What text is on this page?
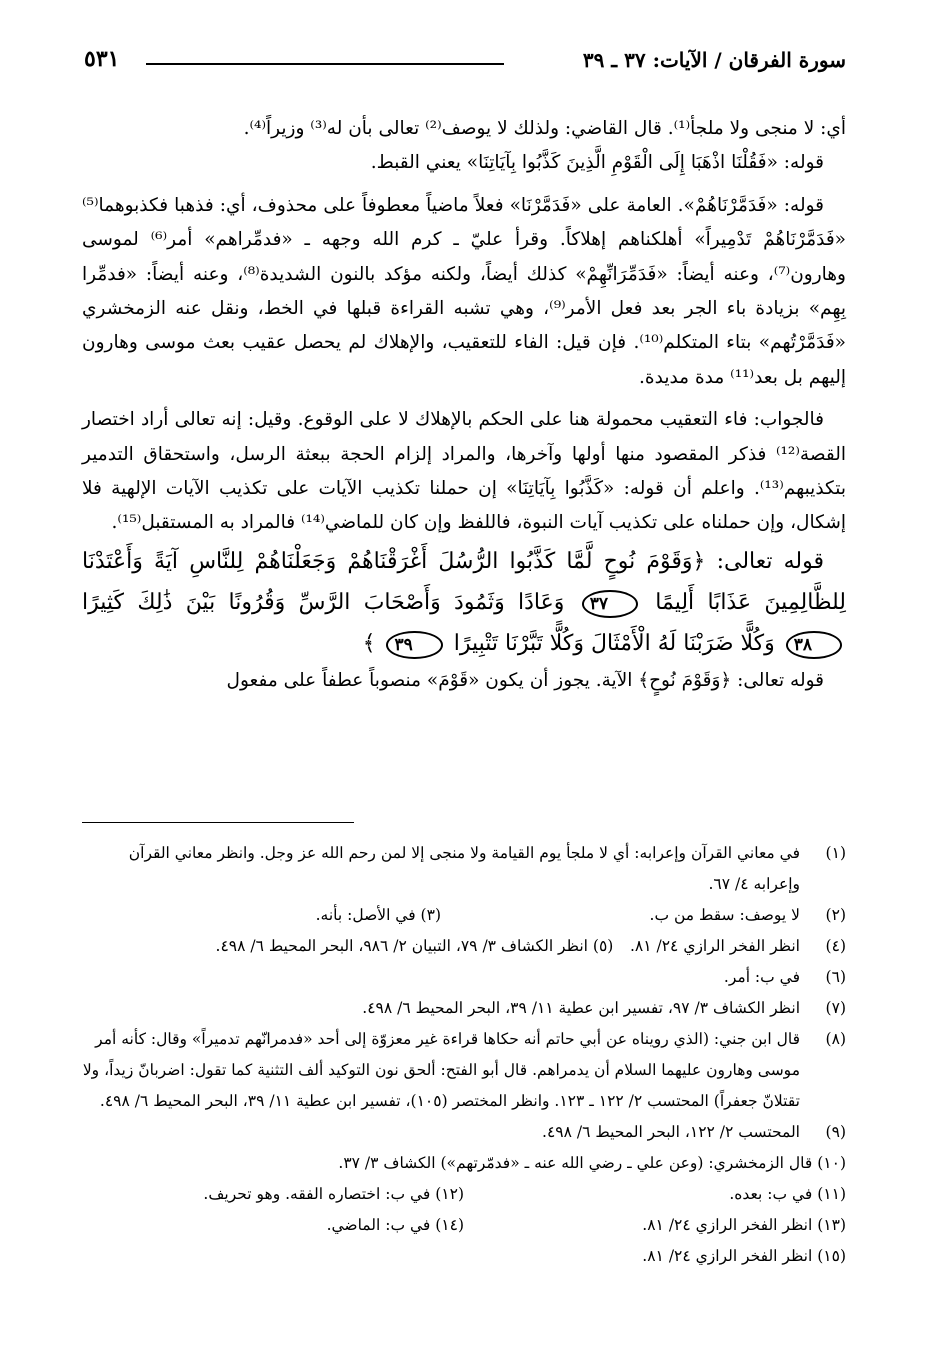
سورة الفرقان / الآيات: ٣٧ ـ ٣٩
٥٣١

أي: لا منجى ولا ملجأ⁽¹⁾. قال القاضي: ولذلك لا يوصف⁽²⁾ تعالى بأن له⁽³⁾ وزيراً⁽⁴⁾.

قوله: «فَقُلْنَا اذْهَبَا إِلَى الْقَوْمِ الَّذِينَ كَذَّبُوا بِآيَاتِنَا» يعني القبط.

قوله: «فَدَمَّرْنَاهُمْ». العامة على «فَدَمَّرْنَا» فعلاً ماضياً معطوفاً على محذوف، أي: فذهبا فكذبوهما⁽⁵⁾ «فَدَمَّرْنَاهُمْ تَدْمِيراً» أهلكناهم إهلاكاً. وقرأ عليّ ـ كرم الله وجهه ـ «فدمِّراهم» أمر⁽⁶⁾ لموسى وهارون⁽⁷⁾، وعنه أيضاً: «فَدَمِّرَانِّهِمْ» كذلك أيضاً، ولكنه مؤكد بالنون الشديدة⁽⁸⁾، وعنه أيضاً: «فدمِّرا بِهِم» بزيادة باء الجر بعد فعل الأمر⁽⁹⁾، وهي تشبه القراءة قبلها في الخط، ونقل عنه الزمخشري «فَدَمَّرْتُهم» بتاء المتكلم⁽¹⁰⁾. فإن قيل: الفاء للتعقيب، والإهلاك لم يحصل عقيب بعث موسى وهارون إليهم بل بعد⁽¹¹⁾ مدة مديدة.

فالجواب: فاء التعقيب محمولة هنا على الحكم بالإهلاك لا على الوقوع. وقيل: إنه تعالى أراد اختصار القصة⁽¹²⁾ فذكر المقصود منها أولها وآخرها، والمراد إلزام الحجة ببعثة الرسل، واستحقاق التدمير بتكذيبهم⁽¹³⁾. واعلم أن قوله: «كَذَّبُوا بِآيَاتِنَا» إن حملنا تكذيب الآيات على تكذيب الآيات الإلهية فلا إشكال، وإن حملناه على تكذيب آيات النبوة، فاللفظ وإن كان للماضي⁽¹⁴⁾ فالمراد به المستقبل⁽¹⁵⁾.

قوله تعالى: ﴿وَقَوْمَ نُوحٍ لَّمَّا كَذَّبُوا الرُّسُلَ أَغْرَقْنَاهُمْ وَجَعَلْنَاهُمْ لِلنَّاسِ آيَةً وَأَعْتَدْنَا لِلظَّالِمِينَ عَذَابًا أَلِيمًا ٣٧ وَعَادًا وَثَمُودَ وَأَصْحَابَ الرَّسِّ وَقُرُونًا بَيْنَ ذَٰلِكَ كَثِيرًا ٣٨ وَكُلًّا ضَرَبْنَا لَهُ الْأَمْثَالَ وَكُلًّا تَبَّرْنَا تَتْبِيرًا ٣٩ ﴾

قوله تعالى: ﴿وَقَوْمَ نُوحٍ﴾ الآية. يجوز أن يكون «قَوْمَ» منصوباً عطفاً على مفعول

(١)
في معاني القرآن وإعرابه: أي لا ملجأ يوم القيامة ولا منجى إلا لمن رحم الله عز وجل. وانظر معاني القرآن وإعرابه ٤/ ٦٧.
(٢)
لا يوصف: سقط من ب.
(٣) في الأصل: بأنه.
(٤)
انظر الفخر الرازي ٢٤/ ٨١.
(٥) انظر الكشاف ٣/ ٧٩، التبيان ٢/ ٩٨٦، البحر المحيط ٦/ ٤٩٨.
(٦)
في ب: أمر.
(٧)
انظر الكشاف ٣/ ٩٧، تفسير ابن عطية ١١/ ٣٩، البحر المحيط ٦/ ٤٩٨.
(٨)
قال ابن جني: (الذي رويناه عن أبي حاتم أنه حكاها قراءة غير معزوّة إلى أحد «فدمرانّهم تدميراً» وقال: كأنه أمر موسى وهارون عليهما السلام أن يدمراهم. قال أبو الفتح: ألحق نون التوكيد ألف التثنية كما تقول: اضربانّ زيداً، ولا تقتلانّ جعفراً) المحتسب ٢/ ١٢٢ ـ ١٢٣. وانظر المختصر (١٠٥)، تفسير ابن عطية ١١/ ٣٩، البحر المحيط ٦/ ٤٩٨.
(٩)
المحتسب ٢/ ١٢٢، البحر المحيط ٦/ ٤٩٨.
(١٠) قال الزمخشري: (وعن علي ـ رضي الله عنه ـ «فدمّرتهم») الكشاف ٣/ ٣٧.
(١١) في ب: بعده.
(١٢) في ب: اختصاره الفقه. وهو تحريف.
(١٣) انظر الفخر الرازي ٢٤/ ٨١.
(١٤) في ب: الماضي.
(١٥) انظر الفخر الرازي ٢٤/ ٨١.
